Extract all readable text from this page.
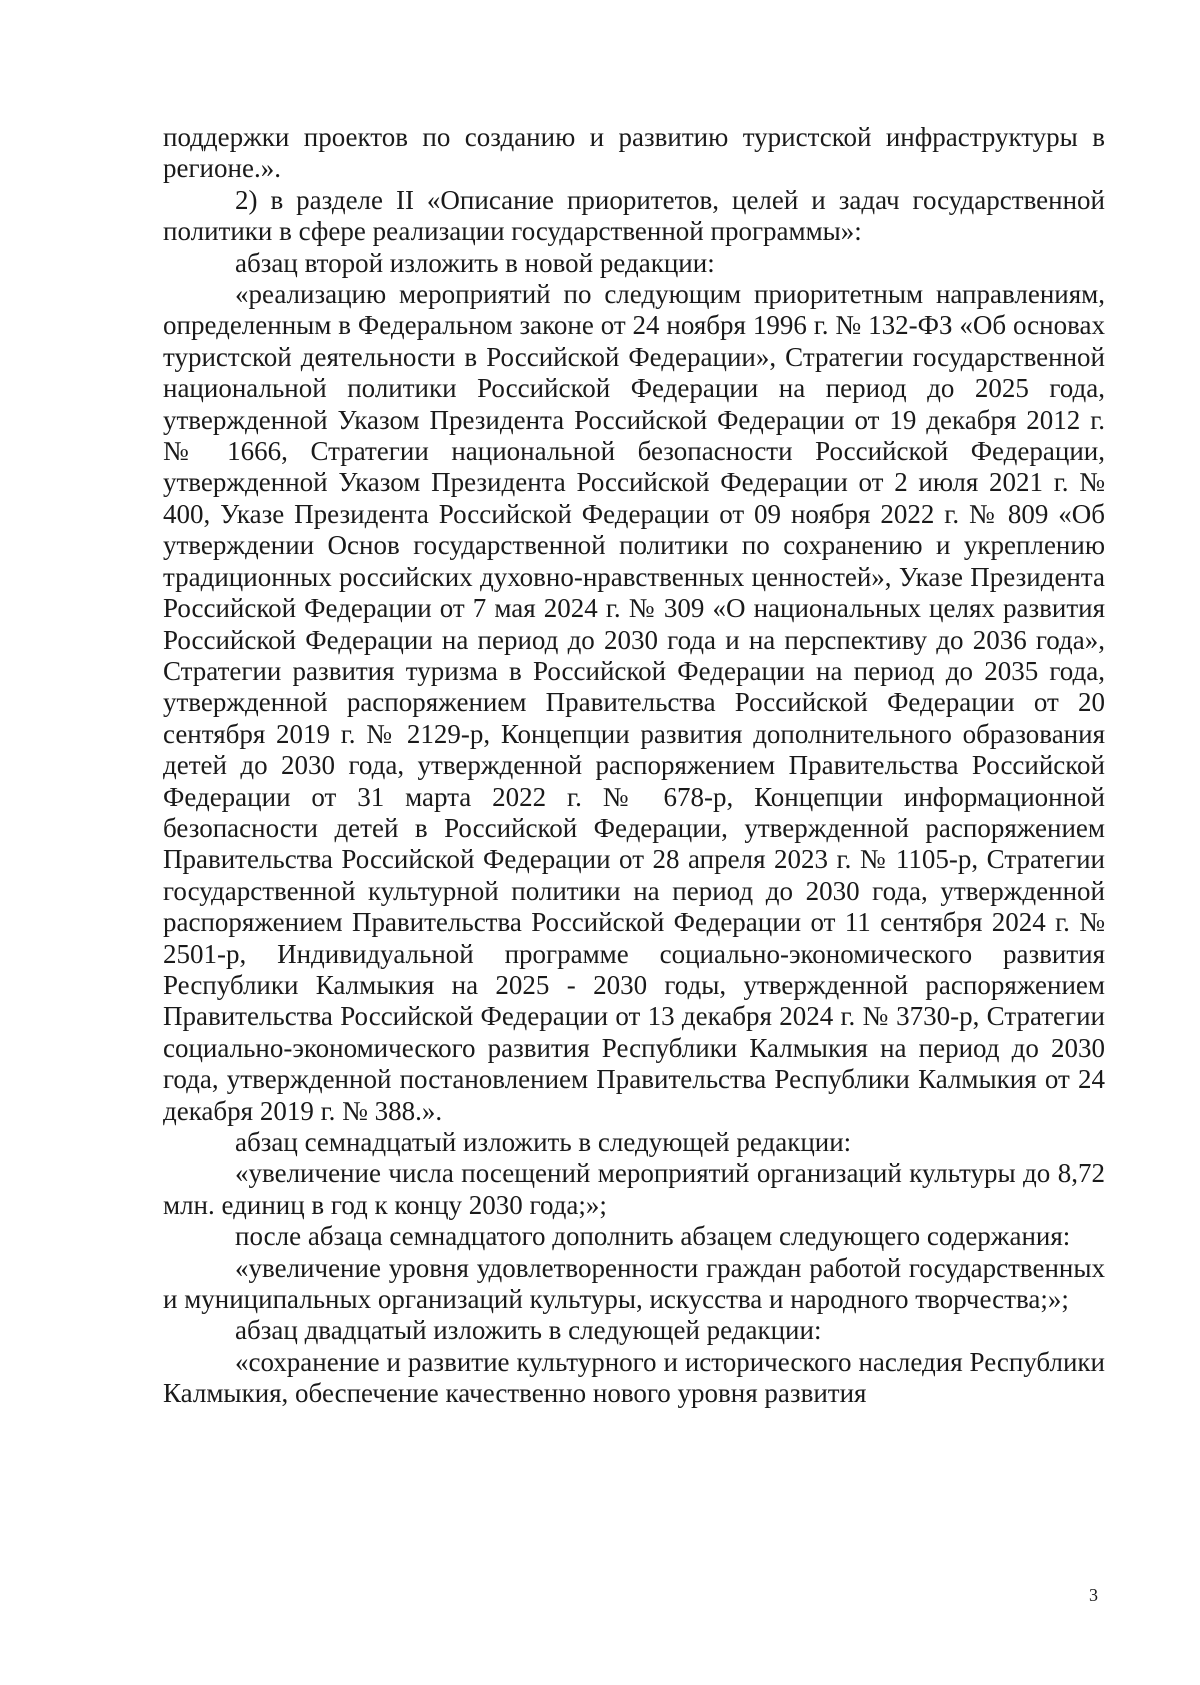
поддержки проектов по созданию и развитию туристской инфраструктуры в регионе.».

2) в разделе II «Описание приоритетов, целей и задач государственной политики в сфере реализации государственной программы»:

абзац второй изложить в новой редакции:

«реализацию мероприятий по следующим приоритетным направлениям, определенным в Федеральном законе от 24 ноября 1996 г. № 132-ФЗ «Об основах туристской деятельности в Российской Федерации», Стратегии государственной национальной политики Российской Федерации на период до 2025 года, утвержденной Указом Президента Российской Федерации от 19 декабря 2012 г. № 1666, Стратегии национальной безопасности Российской Федерации, утвержденной Указом Президента Российской Федерации от 2 июля 2021 г. № 400, Указе Президента Российской Федерации от 09 ноября 2022 г. № 809 «Об утверждении Основ государственной политики по сохранению и укреплению традиционных российских духовно-нравственных ценностей», Указе Президента Российской Федерации от 7 мая 2024 г. № 309 «О национальных целях развития Российской Федерации на период до 2030 года и на перспективу до 2036 года», Стратегии развития туризма в Российской Федерации на период до 2035 года, утвержденной распоряжением Правительства Российской Федерации от 20 сентября 2019 г. № 2129-р, Концепции развития дополнительного образования детей до 2030 года, утвержденной распоряжением Правительства Российской Федерации от 31 марта 2022 г. № 678-р, Концепции информационной безопасности детей в Российской Федерации, утвержденной распоряжением Правительства Российской Федерации от 28 апреля 2023 г. № 1105-р, Стратегии государственной культурной политики на период до 2030 года, утвержденной распоряжением Правительства Российской Федерации от 11 сентября 2024 г. № 2501-р, Индивидуальной программе социально-экономического развития Республики Калмыкия на 2025 - 2030 годы, утвержденной распоряжением Правительства Российской Федерации от 13 декабря 2024 г. № 3730-р, Стратегии социально-экономического развития Республики Калмыкия на период до 2030 года, утвержденной постановлением Правительства Республики Калмыкия от 24 декабря 2019 г. № 388.».

абзац семнадцатый изложить в следующей редакции:

«увеличение числа посещений мероприятий организаций культуры до 8,72 млн. единиц в год к концу 2030 года;»;

после абзаца семнадцатого дополнить абзацем следующего содержания:

«увеличение уровня удовлетворенности граждан работой государственных и муниципальных организаций культуры, искусства и народного творчества;»;

абзац двадцатый изложить в следующей редакции:

«сохранение и развитие культурного и исторического наследия Республики Калмыкия, обеспечение качественно нового уровня развития

3
